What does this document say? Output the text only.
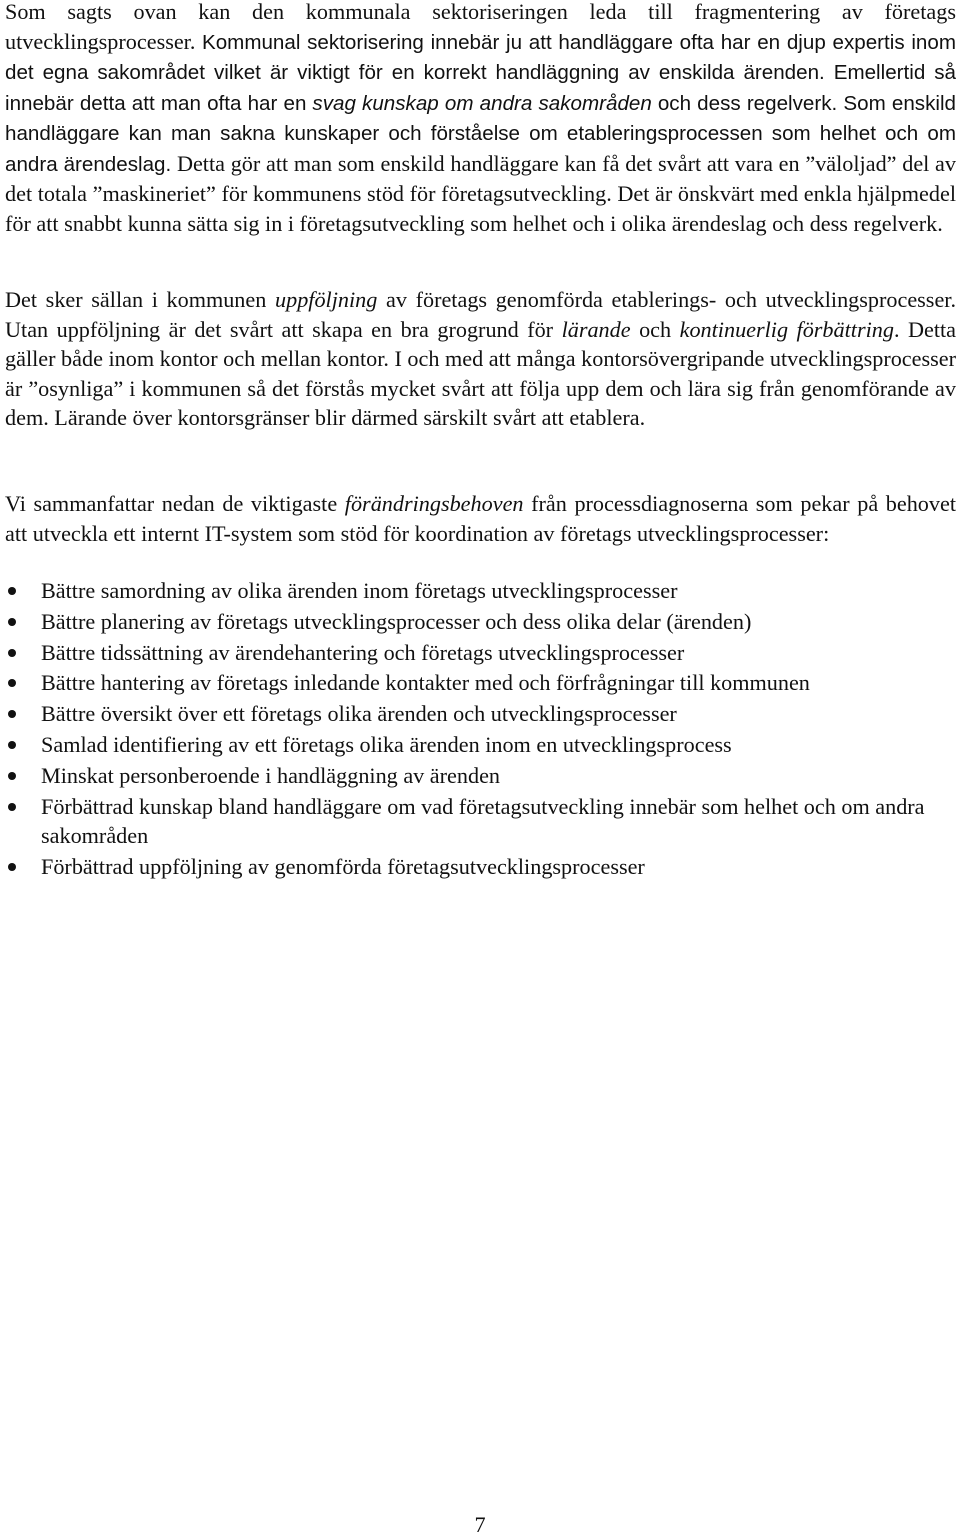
Som sagts ovan kan den kommunala sektoriseringen leda till fragmentering av företags utvecklingsprocesser. Kommunal sektorisering innebär ju att handläggare ofta har en djup expertis inom det egna sakområdet vilket är viktigt för en korrekt handläggning av enskilda ärenden. Emellertid så innebär detta att man ofta har en svag kunskap om andra sakområden och dess regelverk. Som enskild handläggare kan man sakna kunskaper och förståelse om etableringsprocessen som helhet och om andra ärendeslag. Detta gör att man som enskild handläggare kan få det svårt att vara en ”väloljad” del av det totala ”maskineriet” för kommunens stöd för företagsutveckling. Det är önskvärt med enkla hjälpmedel för att snabbt kunna sätta sig in i företagsutveckling som helhet och i olika ärendeslag och dess regelverk.

Det sker sällan i kommunen uppföljning av företags genomförda etablerings- och utvecklingsprocesser. Utan uppföljning är det svårt att skapa en bra grogrund för lärande och kontinuerlig förbättring. Detta gäller både inom kontor och mellan kontor. I och med att många kontorsövergripande utvecklingsprocesser är ”osynliga” i kommunen så det förstås mycket svårt att följa upp dem och lära sig från genomförande av dem. Lärande över kontorsgränser blir därmed särskilt svårt att etablera.

Vi sammanfattar nedan de viktigaste förändringsbehoven från processdiagnoserna som pekar på behovet att utveckla ett internt IT-system som stöd för koordination av företags utvecklingsprocesser:

Bättre samordning av olika ärenden inom företags utvecklingsprocesser
Bättre planering av företags utvecklingsprocesser och dess olika delar (ärenden)
Bättre tidssättning av ärendehantering och företags utvecklingsprocesser
Bättre hantering av företags inledande kontakter med och förfrågningar till kommunen
Bättre översikt över ett företags olika ärenden och utvecklingsprocesser
Samlad identifiering av ett företags olika ärenden inom en utvecklingsprocess
Minskat personberoende i handläggning av ärenden
Förbättrad kunskap bland handläggare om vad företagsutveckling innebär som helhet och om andra sakområden
Förbättrad uppföljning av genomförda företagsutvecklingsprocesser
7
